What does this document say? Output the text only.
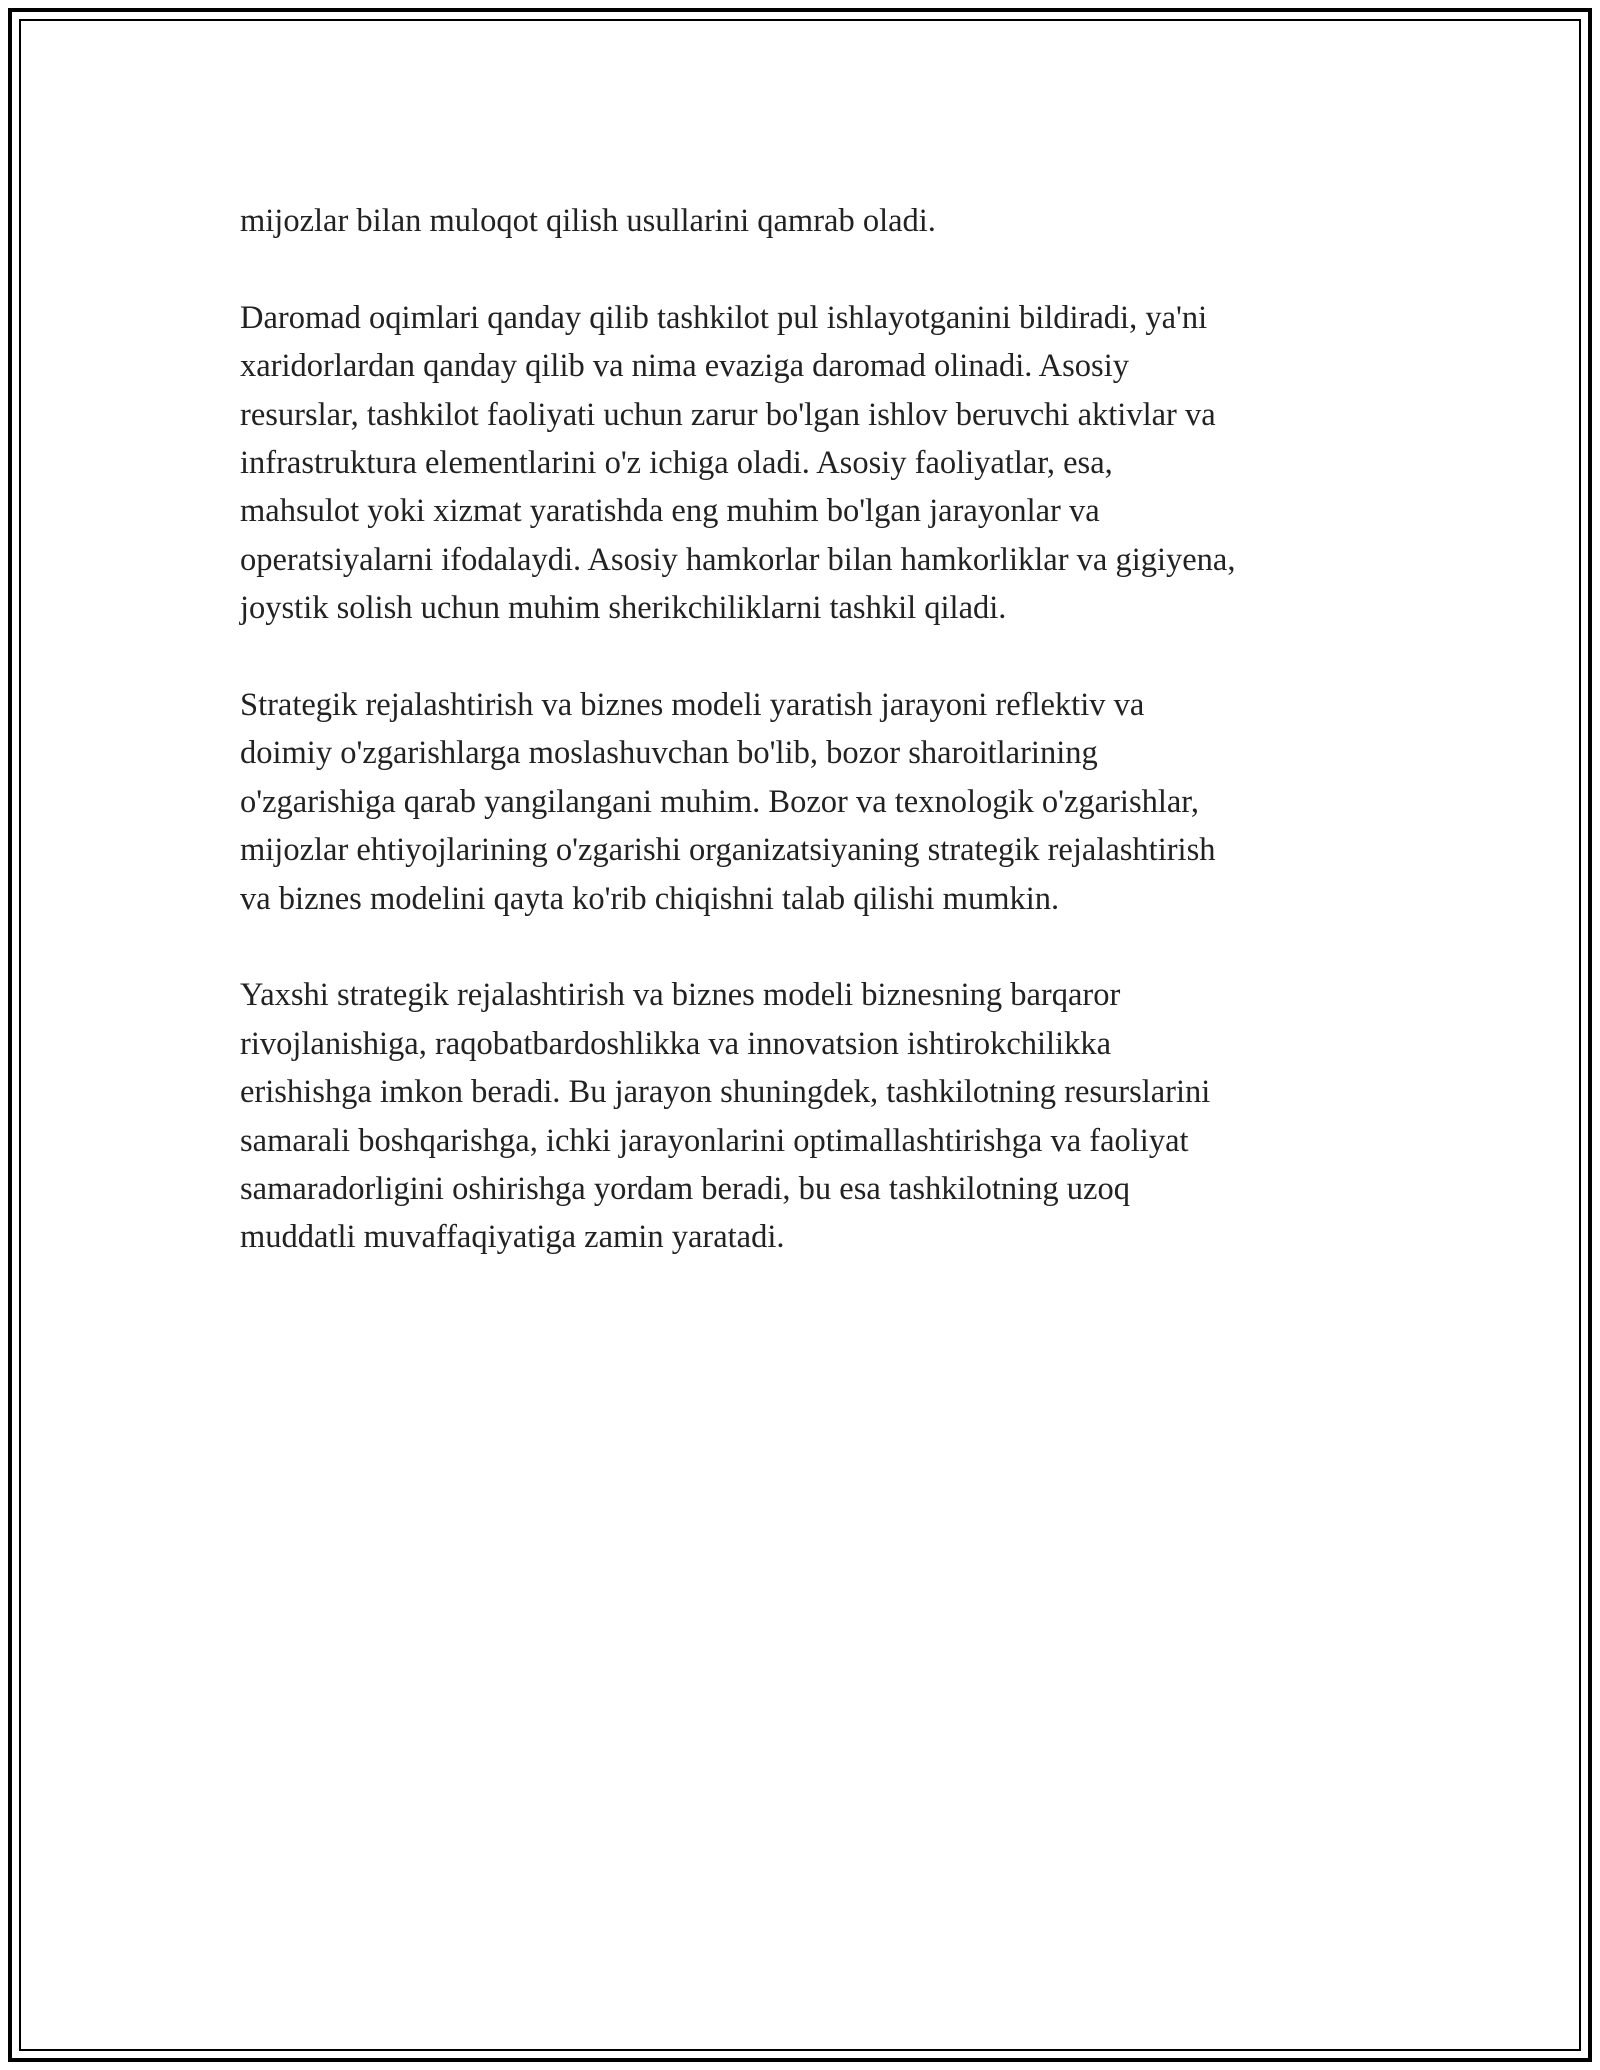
mijozlar bilan muloqot qilish usullarini qamrab oladi.

Daromad oqimlari qanday qilib tashkilot pul ishlayotganini bildiradi, ya'ni
xaridorlardan qanday qilib va nima evaziga daromad olinadi. Asosiy
resurslar, tashkilot faoliyati uchun zarur bo'lgan ishlov beruvchi aktivlar va
infrastruktura elementlarini o'z ichiga oladi. Asosiy faoliyatlar, esa,
mahsulot yoki xizmat yaratishda eng muhim bo'lgan jarayonlar va
operatsiyalarni ifodalaydi. Asosiy hamkorlar bilan hamkorliklar va gigiyena,
joystik solish uchun muhim sherikchiliklarni tashkil qiladi.

Strategik rejalashtirish va biznes modeli yaratish jarayoni reflektiv va
doimiy o'zgarishlarga moslashuvchan bo'lib, bozor sharoitlarining
o'zgarishiga qarab yangilangani muhim. Bozor va texnologik o'zgarishlar,
mijozlar ehtiyojlarining o'zgarishi organizatsiyaning strategik rejalashtirish
va biznes modelini qayta ko'rib chiqishni talab qilishi mumkin.

Yaxshi strategik rejalashtirish va biznes modeli biznesning barqaror
rivojlanishiga, raqobatbardoshlikka va innovatsion ishtirokchilikka
erishishga imkon beradi. Bu jarayon shuningdek, tashkilotning resurslarini
samarali boshqarishga, ichki jarayonlarini optimallashtirishga va faoliyat
samaradorligini oshirishga yordam beradi, bu esa tashkilotning uzoq
muddatli muvaffaqiyatiga zamin yaratadi.
